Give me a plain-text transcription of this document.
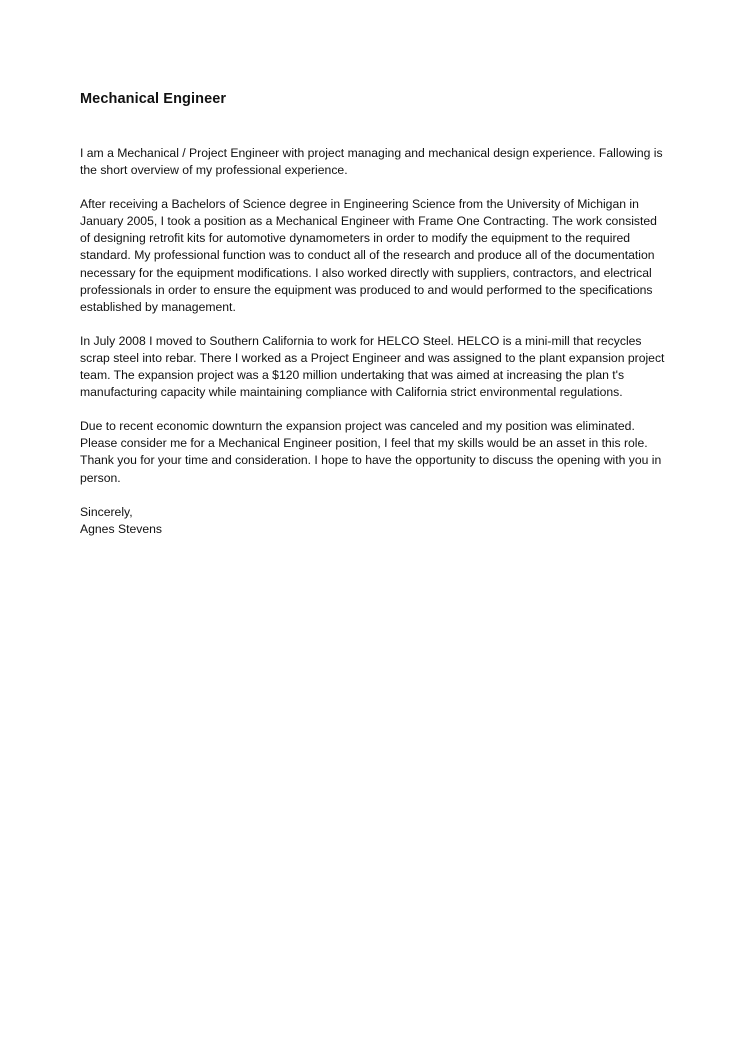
Mechanical Engineer

I am a Mechanical / Project Engineer with project managing and mechanical design experience. Fallowing is the short overview of my professional experience.

After receiving a Bachelors of Science degree in Engineering Science from the University of Michigan in January 2005, I took a position as a Mechanical Engineer with Frame One Contracting. The work consisted of designing retrofit kits for automotive dynamometers in order to modify the equipment to the required standard. My professional function was to conduct all of the research and produce all of the documentation necessary for the equipment modifications. I also worked directly with suppliers, contractors, and electrical professionals in order to ensure the equipment was produced to and would performed to the specifications established by management.

In July 2008 I moved to Southern California to work for HELCO Steel. HELCO is a mini-mill that recycles scrap steel into rebar. There I worked as a Project Engineer and was assigned to the plant expansion project team. The expansion project was a $120 million undertaking that was aimed at increasing the plan t's manufacturing capacity while maintaining compliance with California strict environmental regulations.

Due to recent economic downturn the expansion project was canceled and my position was eliminated. Please consider me for a Mechanical Engineer position, I feel that my skills would be an asset in this role. Thank you for your time and consideration. I hope to have the opportunity to discuss the opening with you in person.

Sincerely,
Agnes Stevens
